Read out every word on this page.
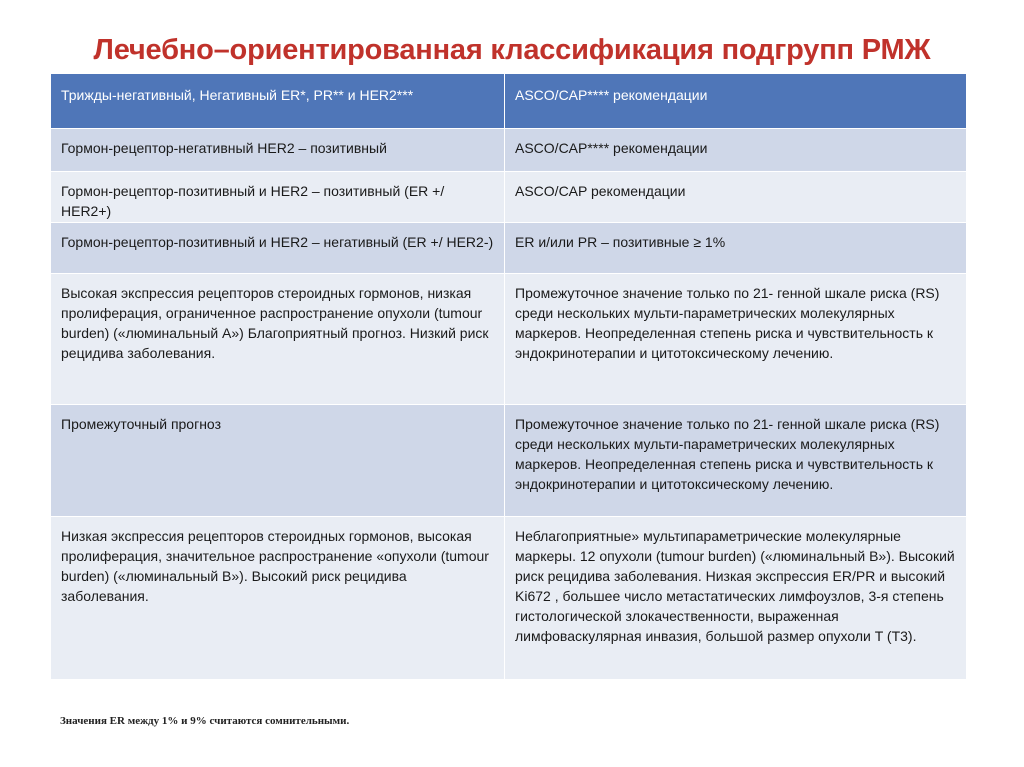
Лечебно–ориентированная классификация подгрупп РМЖ
Трижды-негативный, Негативный ER*, PR** и HER2***	ASCO/CAP**** рекомендации
Гормон-рецептор-негативный HER2 – позитивный	ASCO/CAP**** рекомендации
Гормон-рецептор-позитивный и HER2 – позитивный (ER +/ HER2+)	ASCO/CAP рекомендации
Гормон-рецептор-позитивный и HER2 – негативный (ER +/ HER2-)	ER и/или PR – позитивные ≥ 1%
Высокая экспрессия рецепторов стероидных гормонов, низкая пролиферация, ограниченное распространение опухоли (tumour burden) («люминальный А») Благоприятный прогноз. Низкий риск рецидива заболевания.	Промежуточное значение только по 21- генной шкале риска (RS) среди нескольких мульти-параметрических молекулярных маркеров. Неопределенная степень риска и чувствительность к эндокринотерапии и цитотоксическому лечению.
Промежуточный прогноз	Промежуточное значение только по 21- генной шкале риска (RS) среди нескольких мульти-параметрических молекулярных маркеров. Неопределенная степень риска и чувствительность к эндокринотерапии и цитотоксическому лечению.
Низкая экспрессия рецепторов стероидных гормонов, высокая пролиферация, значительное распространение «опухоли (tumour burden) («люминальный В»). Высокий риск рецидива заболевания.	Неблагоприятные» мультипараметрические молекулярные маркеры. 12 опухоли (tumour burden) («люминальный В»). Высокий риск рецидива заболевания. Низкая экспрессия ER/PR и высокий Ki672 , большее число метастатических лимфоузлов, 3-я степень гистологической злокачественности, выраженная лимфоваскулярная инвазия, большой размер опухоли T (T3).
Значения ER между 1% и 9% считаются сомнительными.
